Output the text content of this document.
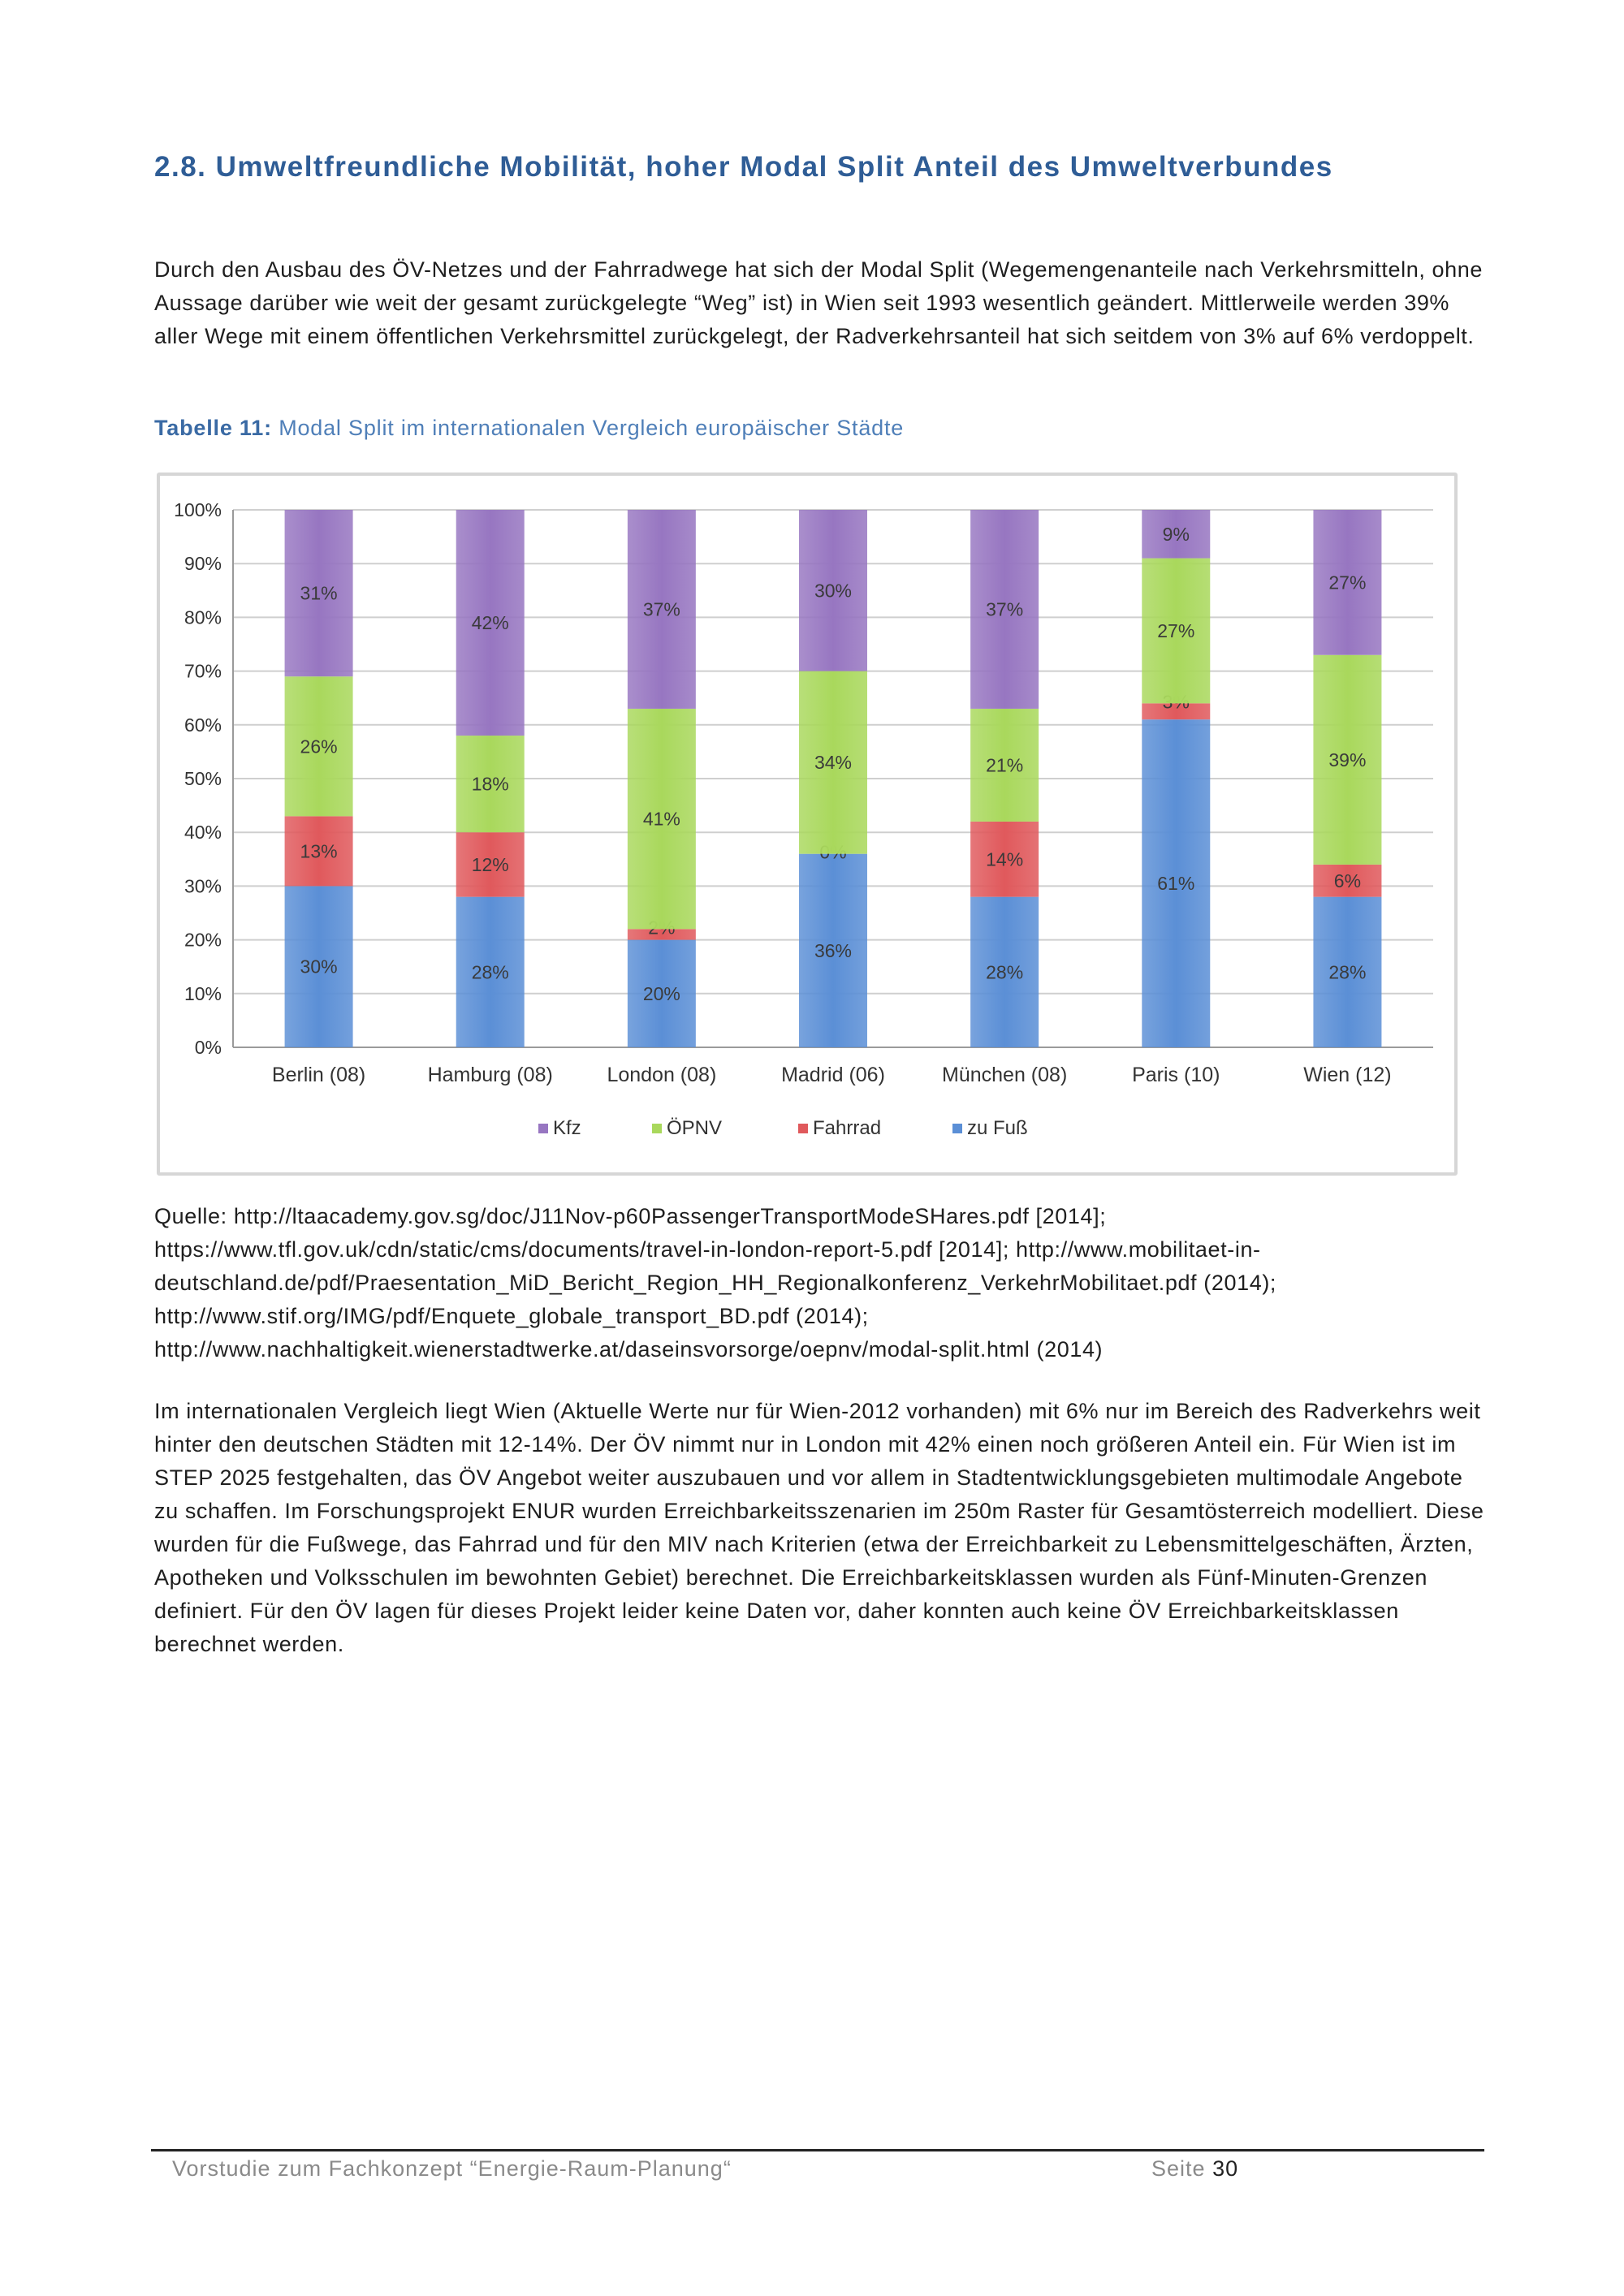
2.8. Umweltfreundliche Mobilität, hoher Modal Split Anteil des Umweltverbundes

Durch den Ausbau des ÖV-Netzes und der Fahrradwege hat sich der Modal Split (Wegemengenanteile nach Verkehrsmitteln, ohne Aussage darüber wie weit der gesamt zurückgelegte “Weg” ist) in Wien seit 1993 wesentlich geändert. Mittlerweile werden 39% aller Wege mit einem öffentlichen Verkehrsmittel zurückgelegt, der Radverkehrsanteil hat sich seitdem von 3% auf 6% verdoppelt.

Tabelle 11: Modal Split im internationalen Vergleich europäischer Städte

0%
10%
20%
30%
40%
50%
60%
70%
80%
90%
100%
30%
13%
26%
31%
Berlin (08)
28%
12%
18%
42%
Hamburg (08)
20%
41%
37%
London (08)
36%
34%
30%
Madrid (06)
28%
14%
21%
37%
München (08)
61%
27%
9%
Paris (10)
28%
6%
39%
27%
Wien (12)
Kfz	ÖPNV	Fahrrad	zu Fuß
Quelle: http://ltaacademy.gov.sg/doc/J11Nov-p60PassengerTransportModeSHares.pdf [2014];
https://www.tfl.gov.uk/cdn/static/cms/documents/travel-in-london-report-5.pdf [2014]; http://www.mobilitaet-in-
deutschland.de/pdf/Praesentation_MiD_Bericht_Region_HH_Regionalkonferenz_VerkehrMobilitaet.pdf (2014);
http://www.stif.org/IMG/pdf/Enquete_globale_transport_BD.pdf (2014);
http://www.nachhaltigkeit.wienerstadtwerke.at/daseinsvorsorge/oepnv/modal-split.html (2014)

Im internationalen Vergleich liegt Wien (Aktuelle Werte nur für Wien-2012 vorhanden) mit 6% nur im Bereich des Radverkehrs weit hinter den deutschen Städten mit 12-14%. Der ÖV nimmt nur in London mit 42% einen noch größeren Anteil ein. Für Wien ist im STEP 2025 festgehalten, das ÖV Angebot weiter auszubauen und vor allem in Stadtentwicklungsgebieten multimodale Angebote zu schaffen. Im Forschungsprojekt ENUR wurden Erreichbarkeitsszenarien im 250m Raster für Gesamtösterreich modelliert. Diese wurden für die Fußwege, das Fahrrad und für den MIV nach Kriterien (etwa der Erreichbarkeit zu Lebensmittelgeschäften, Ärzten, Apotheken und Volksschulen im bewohnten Gebiet) berechnet. Die Erreichbarkeitsklassen wurden als Fünf-Minuten-Grenzen definiert. Für den ÖV lagen für dieses Projekt leider keine Daten vor, daher konnten auch keine ÖV Erreichbarkeitsklassen berechnet werden.

Vorstudie zum Fachkonzept “Energie-Raum-Planung“	Seite 30
